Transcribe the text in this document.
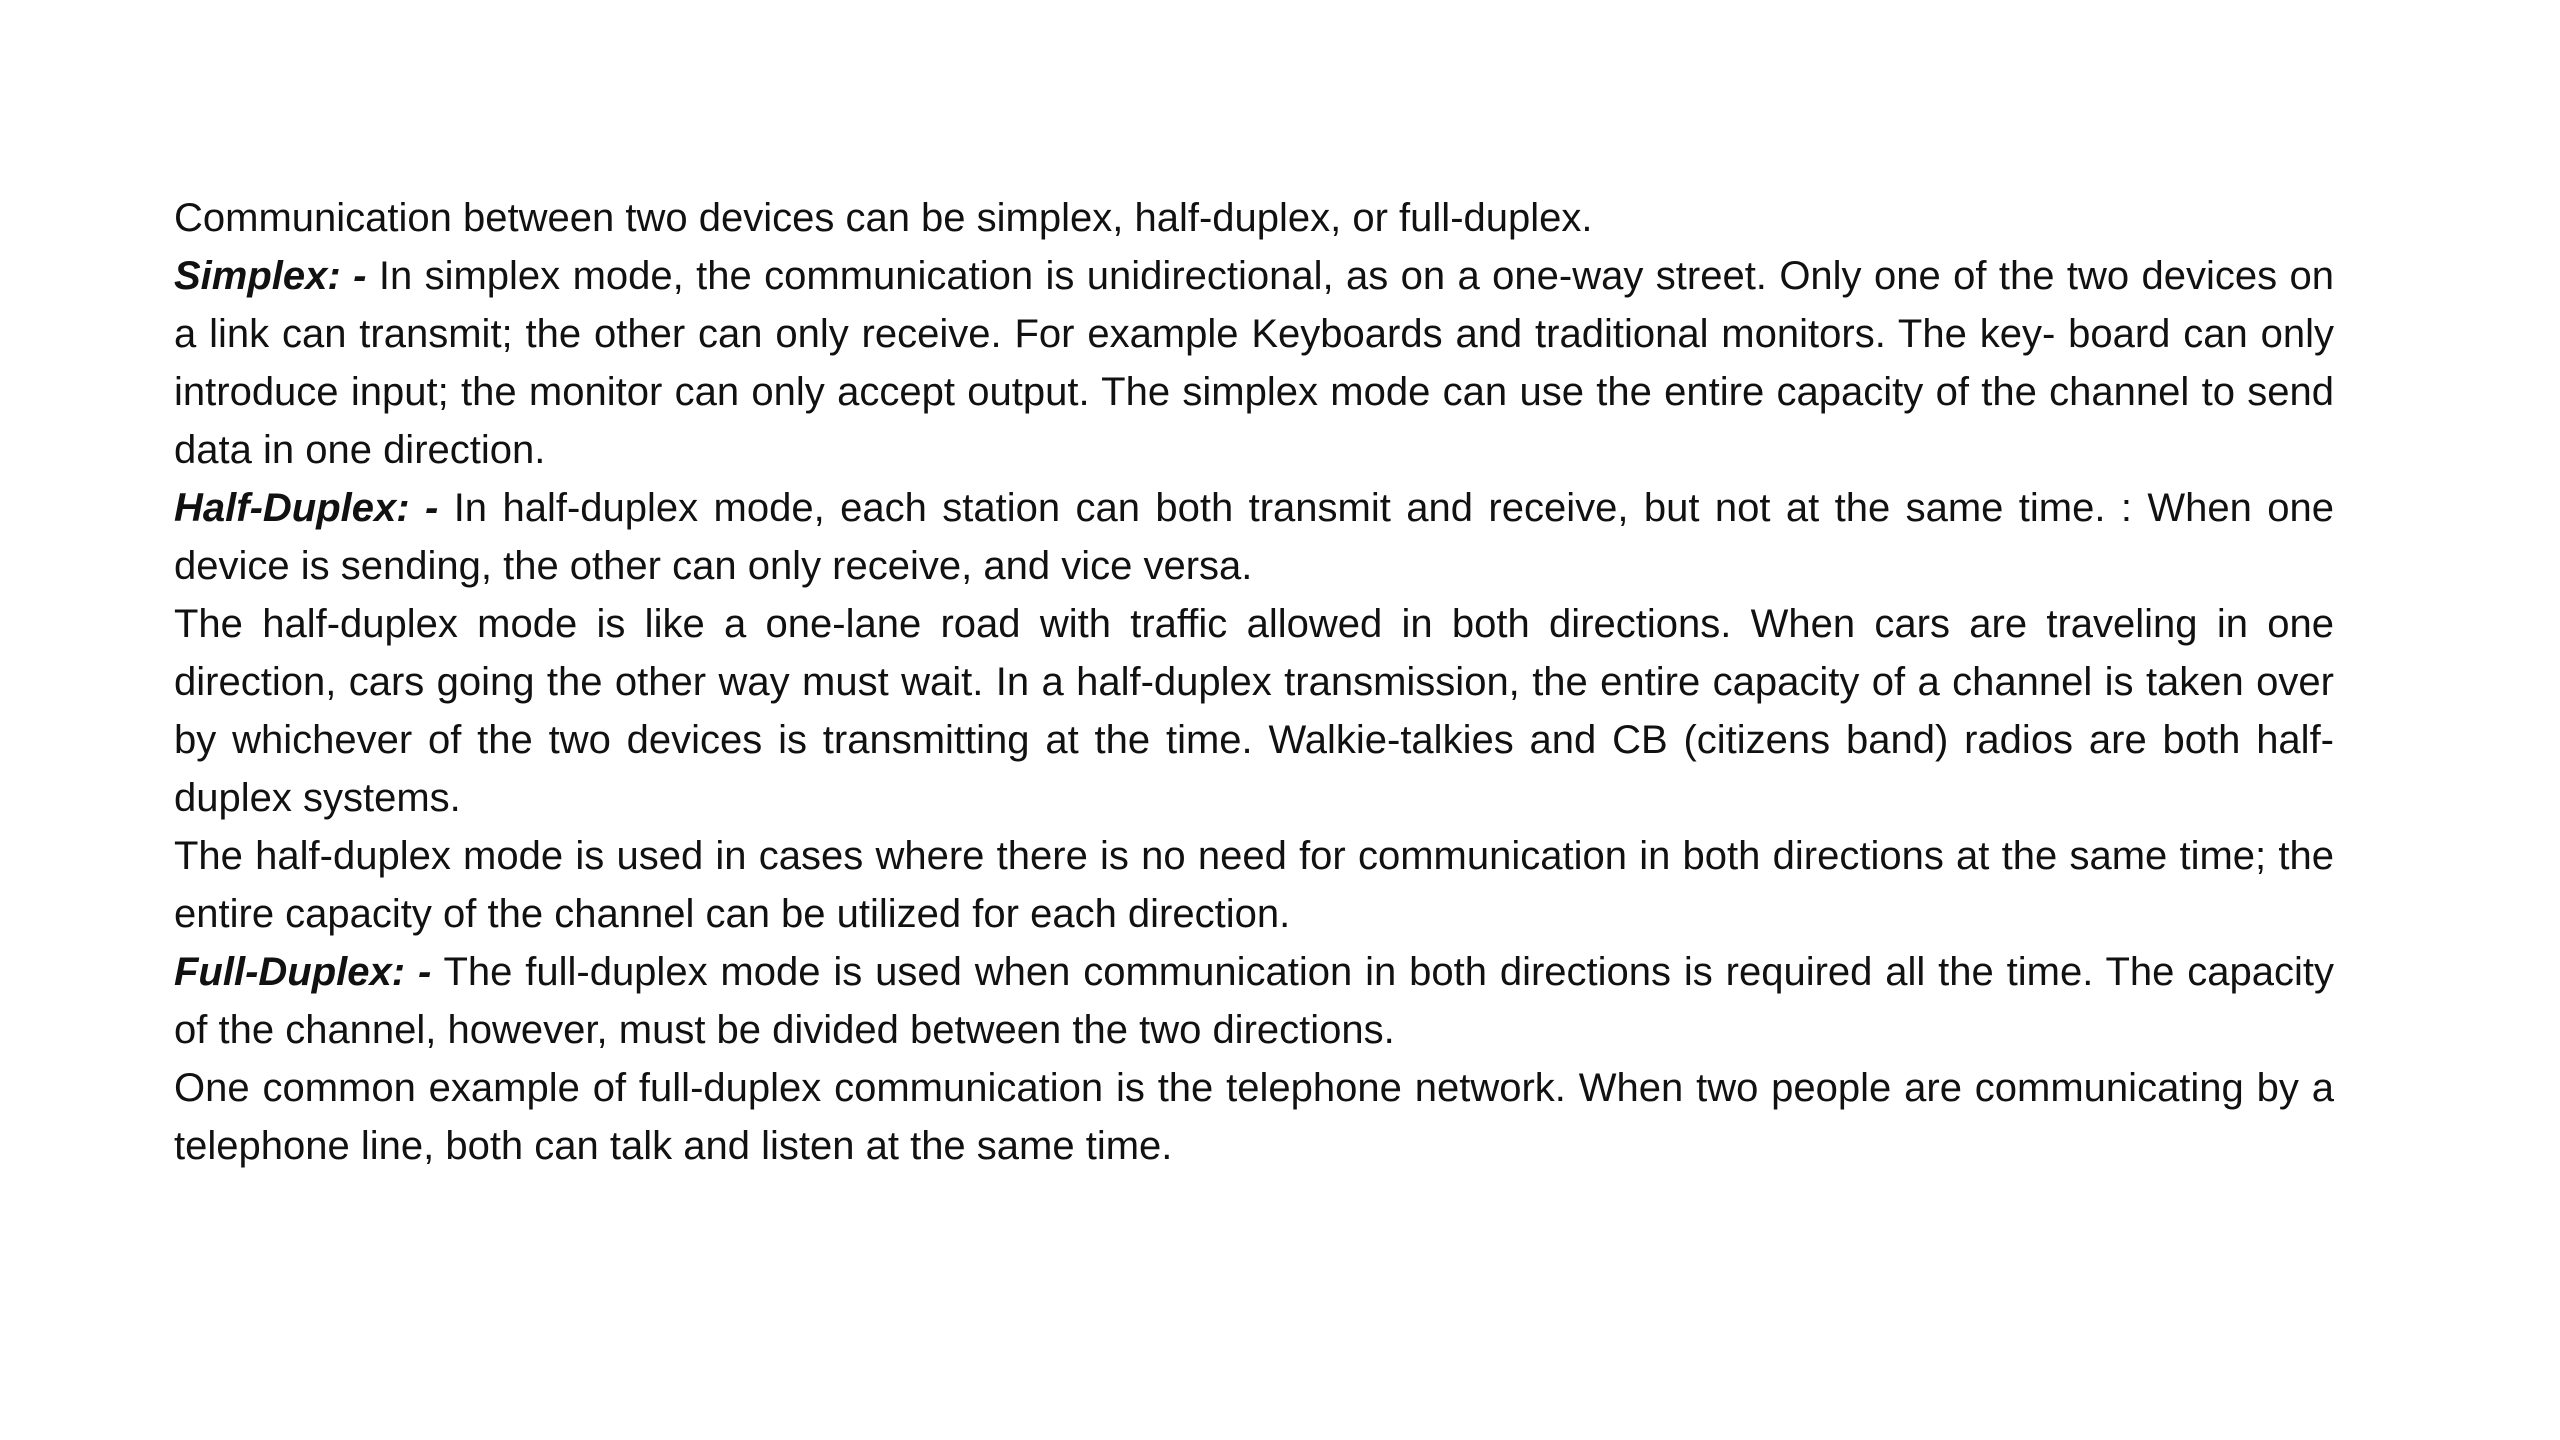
Communication between two devices can be simplex, half-duplex, or full-duplex.

Simplex: - In simplex mode, the communication is unidirectional, as on a one-way street. Only one of the two devices on a link can transmit; the other can only receive. For example Keyboards and traditional monitors. The key- board can only introduce input; the monitor can only accept output. The simplex mode can use the entire capacity of the channel to send data in one direction.

Half-Duplex: - In half-duplex mode, each station can both transmit and receive, but not at the same time. : When one device is sending, the other can only receive, and vice versa.

The half-duplex mode is like a one-lane road with traffic allowed in both directions. When cars are traveling in one direction, cars going the other way must wait. In a half-duplex transmission, the entire capacity of a channel is taken over by whichever of the two devices is transmitting at the time. Walkie-talkies and CB (citizens band) radios are both half-duplex systems.

The half-duplex mode is used in cases where there is no need for communication in both directions at the same time; the entire capacity of the channel can be utilized for each direction.

Full-Duplex: - The full-duplex mode is used when communication in both directions is required all the time. The capacity of the channel, however, must be divided between the two directions.

One common example of full-duplex communication is the telephone network. When two people are communicating by a telephone line, both can talk and listen at the same time.
